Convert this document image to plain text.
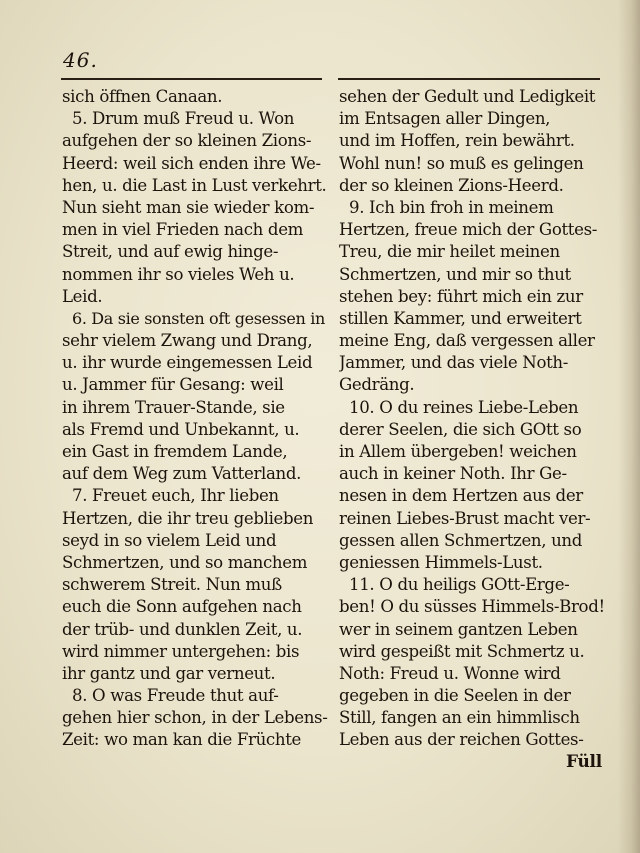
46.
sich öffnen Canaan.
5. Drum muß Freud u. Won
aufgehen der so kleinen Zions-
Heerd: weil sich enden ihre We-
hen, u. die Last in Lust verkehrt.
Nun sieht man sie wieder kom-
men in viel Frieden nach dem
Streit, und auf ewig hinge-
nommen ihr so vieles Weh u.
Leid.
6. Da sie sonsten oft gesessen in
sehr vielem Zwang und Drang,
u. ihr wurde eingemessen Leid
u. Jammer für Gesang: weil
in ihrem Trauer-Stande, sie
als Fremd und Unbekannt, u.
ein Gast in fremdem Lande,
auf dem Weg zum Vatterland.
7. Freuet euch, Ihr lieben
Hertzen, die ihr treu geblieben
seyd in so vielem Leid und
Schmertzen, und so manchem
schwerem Streit. Nun muß
euch die Sonn aufgehen nach
der trüb- und dunklen Zeit, u.
wird nimmer untergehen: bis
ihr gantz und gar verneut.
8. O was Freude thut auf-
gehen hier schon, in der Lebens-
Zeit: wo man kan die Früchte
sehen der Gedult und Ledigkeit
im Entsagen aller Dingen,
und im Hoffen, rein bewährt.
Wohl nun! so muß es gelingen
der so kleinen Zions-Heerd.
9. Ich bin froh in meinem
Hertzen, freue mich der Gottes-
Treu, die mir heilet meinen
Schmertzen, und mir so thut
stehen bey: führt mich ein zur
stillen Kammer, und erweitert
meine Eng, daß vergessen aller
Jammer, und das viele Noth-
Gedräng.
10. O du reines Liebe-Leben
derer Seelen, die sich GOtt so
in Allem übergeben! weichen
auch in keiner Noth. Ihr Ge-
nesen in dem Hertzen aus der
reinen Liebes-Brust macht ver-
gessen allen Schmertzen, und
geniessen Himmels-Lust.
11. O du heiligs GOtt-Erge-
ben! O du süsses Himmels-Brod!
wer in seinem gantzen Leben
wird gespeißt mit Schmertz u.
Noth: Freud u. Wonne wird
gegeben in die Seelen in der
Still, fangen an ein himmlisch
Leben aus der reichen Gottes-
Füll
